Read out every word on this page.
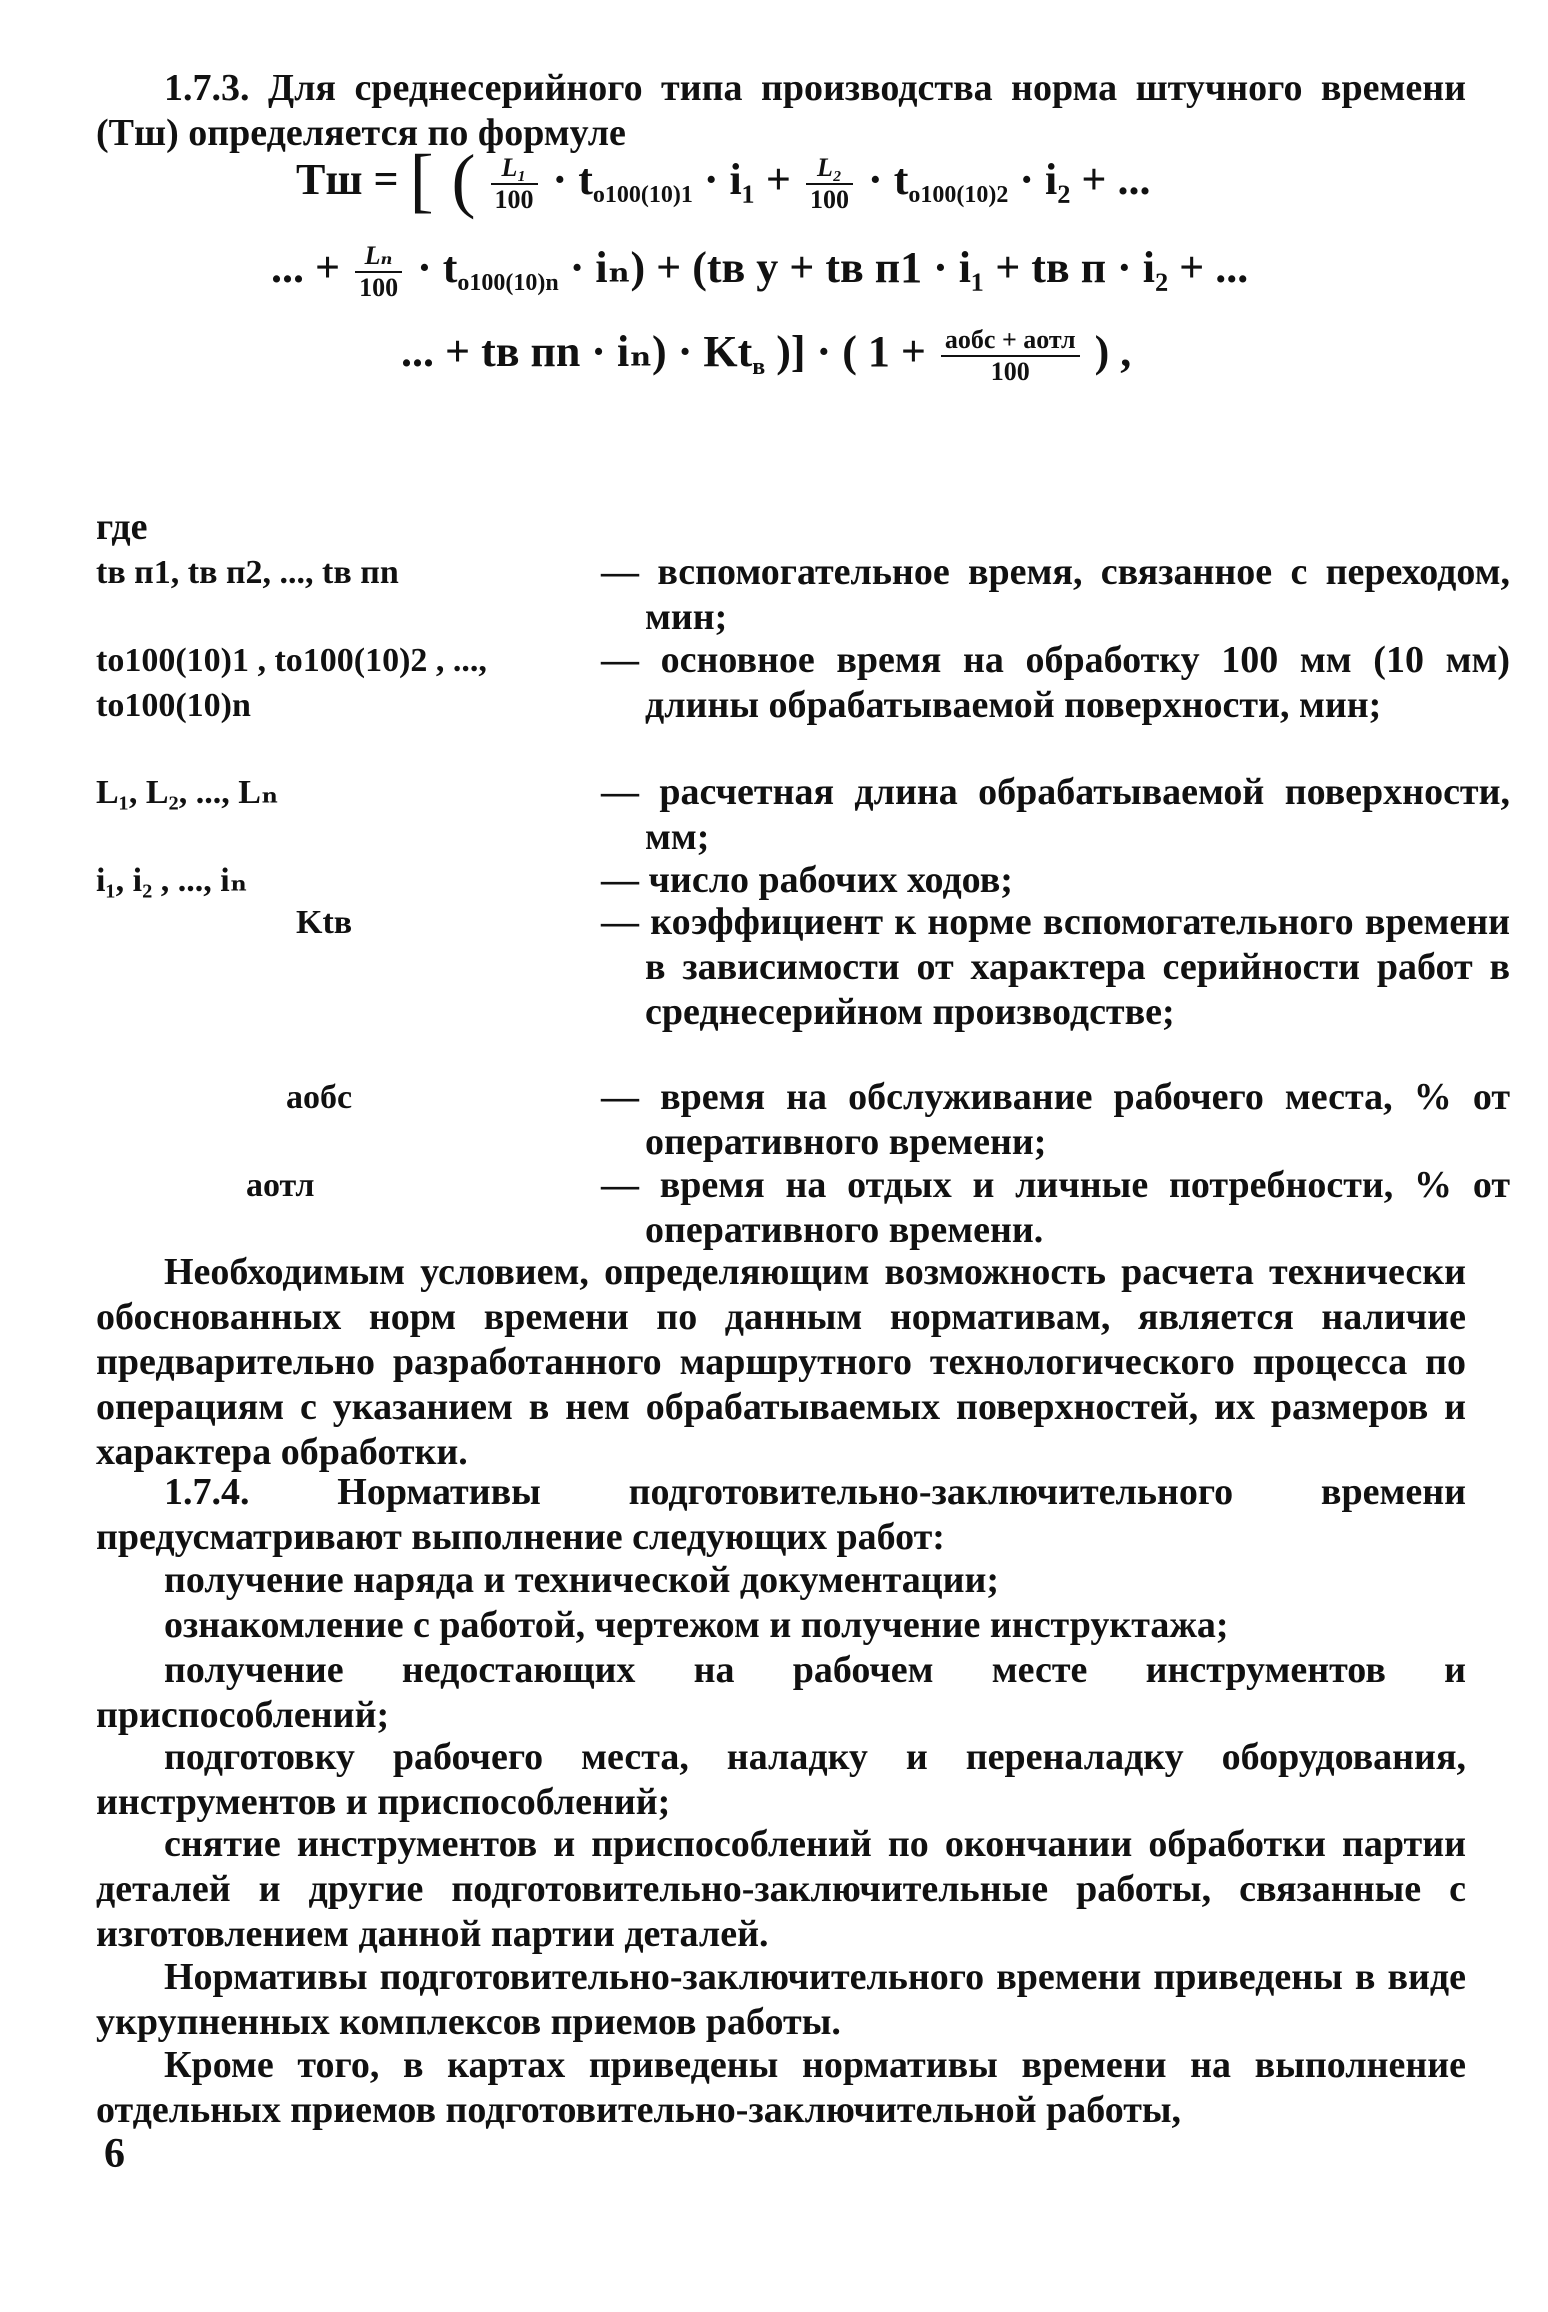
1.7.3. Для среднесерийного типа производства норма штучного времени (Тш) определяется по формуле

Тш = [ ( $\frac{\text{L₁}}{100} \cdot t_{о100(10)1} \cdot i_1 + \frac{\text{L₂}}{100} \cdot t_{о100(10)2} \cdot i_2$ + ...
... + $\frac{\text{Lₙ}}{100} \cdot t_{о100(10)n} \cdot i_n) + (tв$ у + tв п1 · i₁ + tв п · i₂ + ...
... + tв пn · $i_n) \cdot Kt_в$ )] · ( $1 + \frac{\text{aобс + aотл}}{100}$ ) ,

где

tв п1, tв п2, ..., tв пn	— вспомогательное время, связанное с переходом, мин;
tо100(10)1 , tо100(10)2 , ..., tо100(10)n
— основное время на обработку 100 мм (10 мм) длины обрабатываемой поверхности, мин;
L₁, L₂, ..., Lₙ	— расчетная длина обрабатываемой поверхности, мм;
i₁, i₂ , ..., iₙ	— число рабочих ходов;
Ktв	— коэффициент к норме вспомогательного времени в зависимости от характера серийности работ в среднесерийном производстве;
aобс	— время на обслуживание рабочего места, % от оперативного времени;
aотл	— время на отдых и личные потребности, % от оперативного времени.

Необходимым условием, определяющим возможность расчета технически обоснованных норм времени по данным нормативам, является наличие предварительно разработанного маршрутного технологического процесса по операциям с указанием в нем обрабатываемых поверхностей, их размеров и характера обработки.

1.7.4. Нормативы подготовительно-заключительного времени предусматривают выполнение следующих работ:

получение наряда и технической документации;

ознакомление с работой, чертежом и получение инструктажа;

получение недостающих на рабочем месте инструментов и приспособлений;

подготовку рабочего места, наладку и переналадку оборудования, инструментов и приспособлений;

снятие инструментов и приспособлений по окончании обработки партии деталей и другие подготовительно-заключительные работы, связанные с изготовлением данной партии деталей.

Нормативы подготовительно-заключительного времени приведены в виде укрупненных комплексов приемов работы.

Кроме того, в картах приведены нормативы времени на выполнение отдельных приемов подготовительно-заключительной работы,

6
